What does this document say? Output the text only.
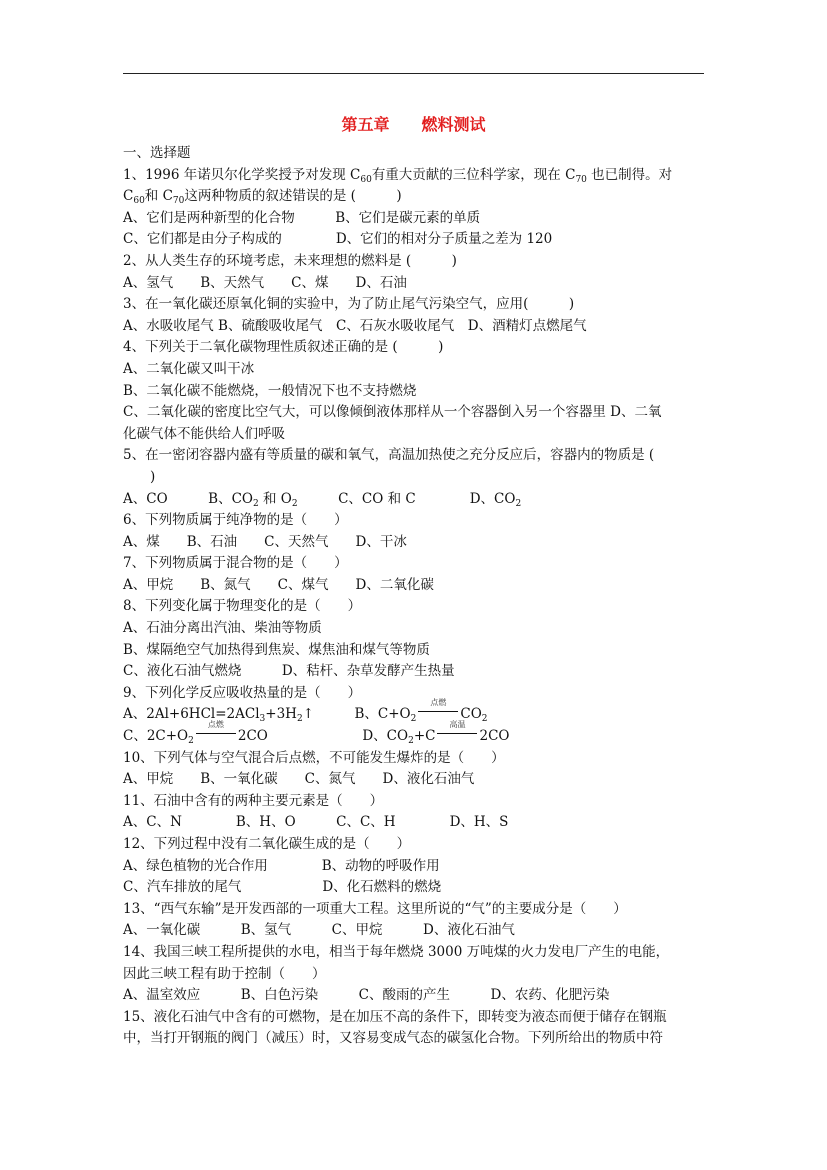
第五章　　燃料测试
一、选择题
1、1996 年诺贝尔化学奖授予对发现 $C_{60}$有重大贡献的三位科学家，现在 $C_{70}$ 也已制得。对
$C_{60}$和 $C_{70}$这两种物质的叙述错误的是 (　　　)
A、它们是两种新型的化合物　　　B、它们是碳元素的单质
C、它们都是由分子构成的　　　　D、它们的相对分子质量之差为 120
2、从人类生存的环境考虑，未来理想的燃料是 (　　　)
A、氢气　　B、天然气　　C、煤　　D、石油
3、在一氧化碳还原氧化铜的实验中，为了防止尾气污染空气，应用(　　　)
A、水吸收尾气 B、硫酸吸收尾气　C、石灰水吸收尾气　D、酒精灯点燃尾气
4、下列关于二氧化碳物理性质叙述正确的是 (　　　)
A、二氧化碳又叫干冰
B、二氧化碳不能燃烧，一般情况下也不支持燃烧
C、二氧化碳的密度比空气大，可以像倾倒液体那样从一个容器倒入另一个容器里 D、二氧
化碳气体不能供给人们呼吸
5、在一密闭容器内盛有等质量的碳和氧气，高温加热使之充分反应后，容器内的物质是 (
　　)
A、CO　　　B、$CO_2$ 和 $O_2$　　　C、CO 和 C　　　　D、$CO_2$
6、下列物质属于纯净物的是（　　）
A、煤　　B、石油　　C、天然气　　D、干冰
7、下列物质属于混合物的是（　　）
A、甲烷　　B、氮气　　C、煤气　　D、二氧化碳
8、下列变化属于物理变化的是（　　）
A、石油分离出汽油、柴油等物质
B、煤隔绝空气加热得到焦炭、煤焦油和煤气等物质
C、液化石油气燃烧　　　D、秸杆、杂草发酵产生热量
9、下列化学反应吸收热量的是（　　）
A、$2Al+6HCl=2ACl_3+3H_2↑$　　　B、$C+O_2$
点燃
$CO_2$
C、$2C+O_2$
点燃
2CO　　　　　　　D、$CO_2+C$
高温
2CO
10、下列气体与空气混合后点燃，不可能发生爆炸的是（　　）
A、甲烷　　B、一氧化碳　　C、氮气　　D、液化石油气
11、石油中含有的两种主要元素是（　　）
A、C、N　　　　B、H、O　　　C、C、H　　　　D、H、S
12、下列过程中没有二氧化碳生成的是（　　）
A、绿色植物的光合作用　　　　B、动物的呼吸作用
C、汽车排放的尾气　　　　　　D、化石燃料的燃烧
13、“西气东输”是开发西部的一项重大工程。这里所说的“气”的主要成分是（　　）
A、一氧化碳　　　B、氢气　　　C、甲烷　　　D、液化石油气
14、我国三峡工程所提供的水电，相当于每年燃烧 3000 万吨煤的火力发电厂产生的电能，
因此三峡工程有助于控制（　　）
A、温室效应　　　B、白色污染　　　C、酸雨的产生　　　D、农药、化肥污染
15、液化石油气中含有的可燃物，是在加压不高的条件下，即转变为液态而便于储存在钢瓶
中，当打开钢瓶的阀门（减压）时，又容易变成气态的碳氢化合物。下列所给出的物质中符
